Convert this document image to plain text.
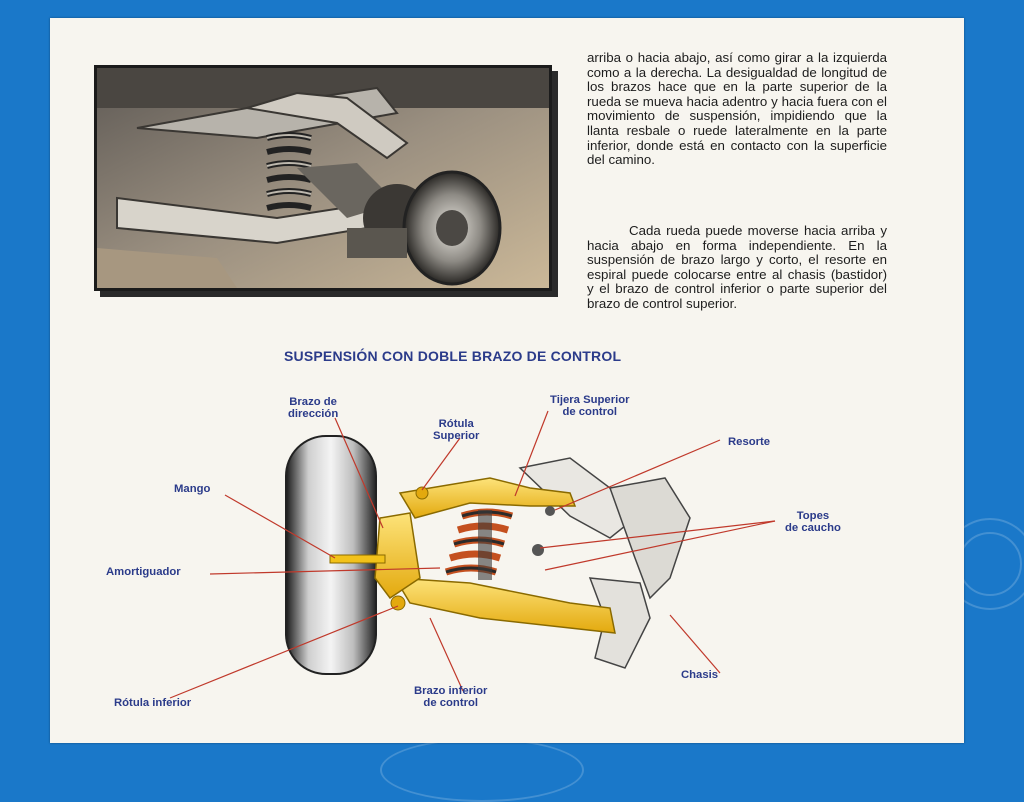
arriba o hacia abajo, así como girar a la izquierda como a la derecha. La desigualdad de longitud de los brazos hace que en la parte superior de la rueda se mueva hacia adentro y hacia fuera con el movimiento de suspensión, impidiendo que la llanta resbale o ruede lateralmente en la parte inferior, donde está en contacto con la superficie del camino.

Cada rueda puede moverse hacia arriba y hacia abajo en forma independiente. En la suspensión de brazo largo y corto, el resorte en espiral puede colocarse entre al chasis (bastidor) y el brazo de control inferior o parte superior del brazo de control superior.

SUSPENSIÓN CON DOBLE BRAZO DE CONTROL
Brazo de
dirección
Rótula
Superior
Tijera Superior
de control
Resorte
Mango
Topes
de caucho
Amortiguador
Chasis
Rótula inferior
Brazo inferior
de control
